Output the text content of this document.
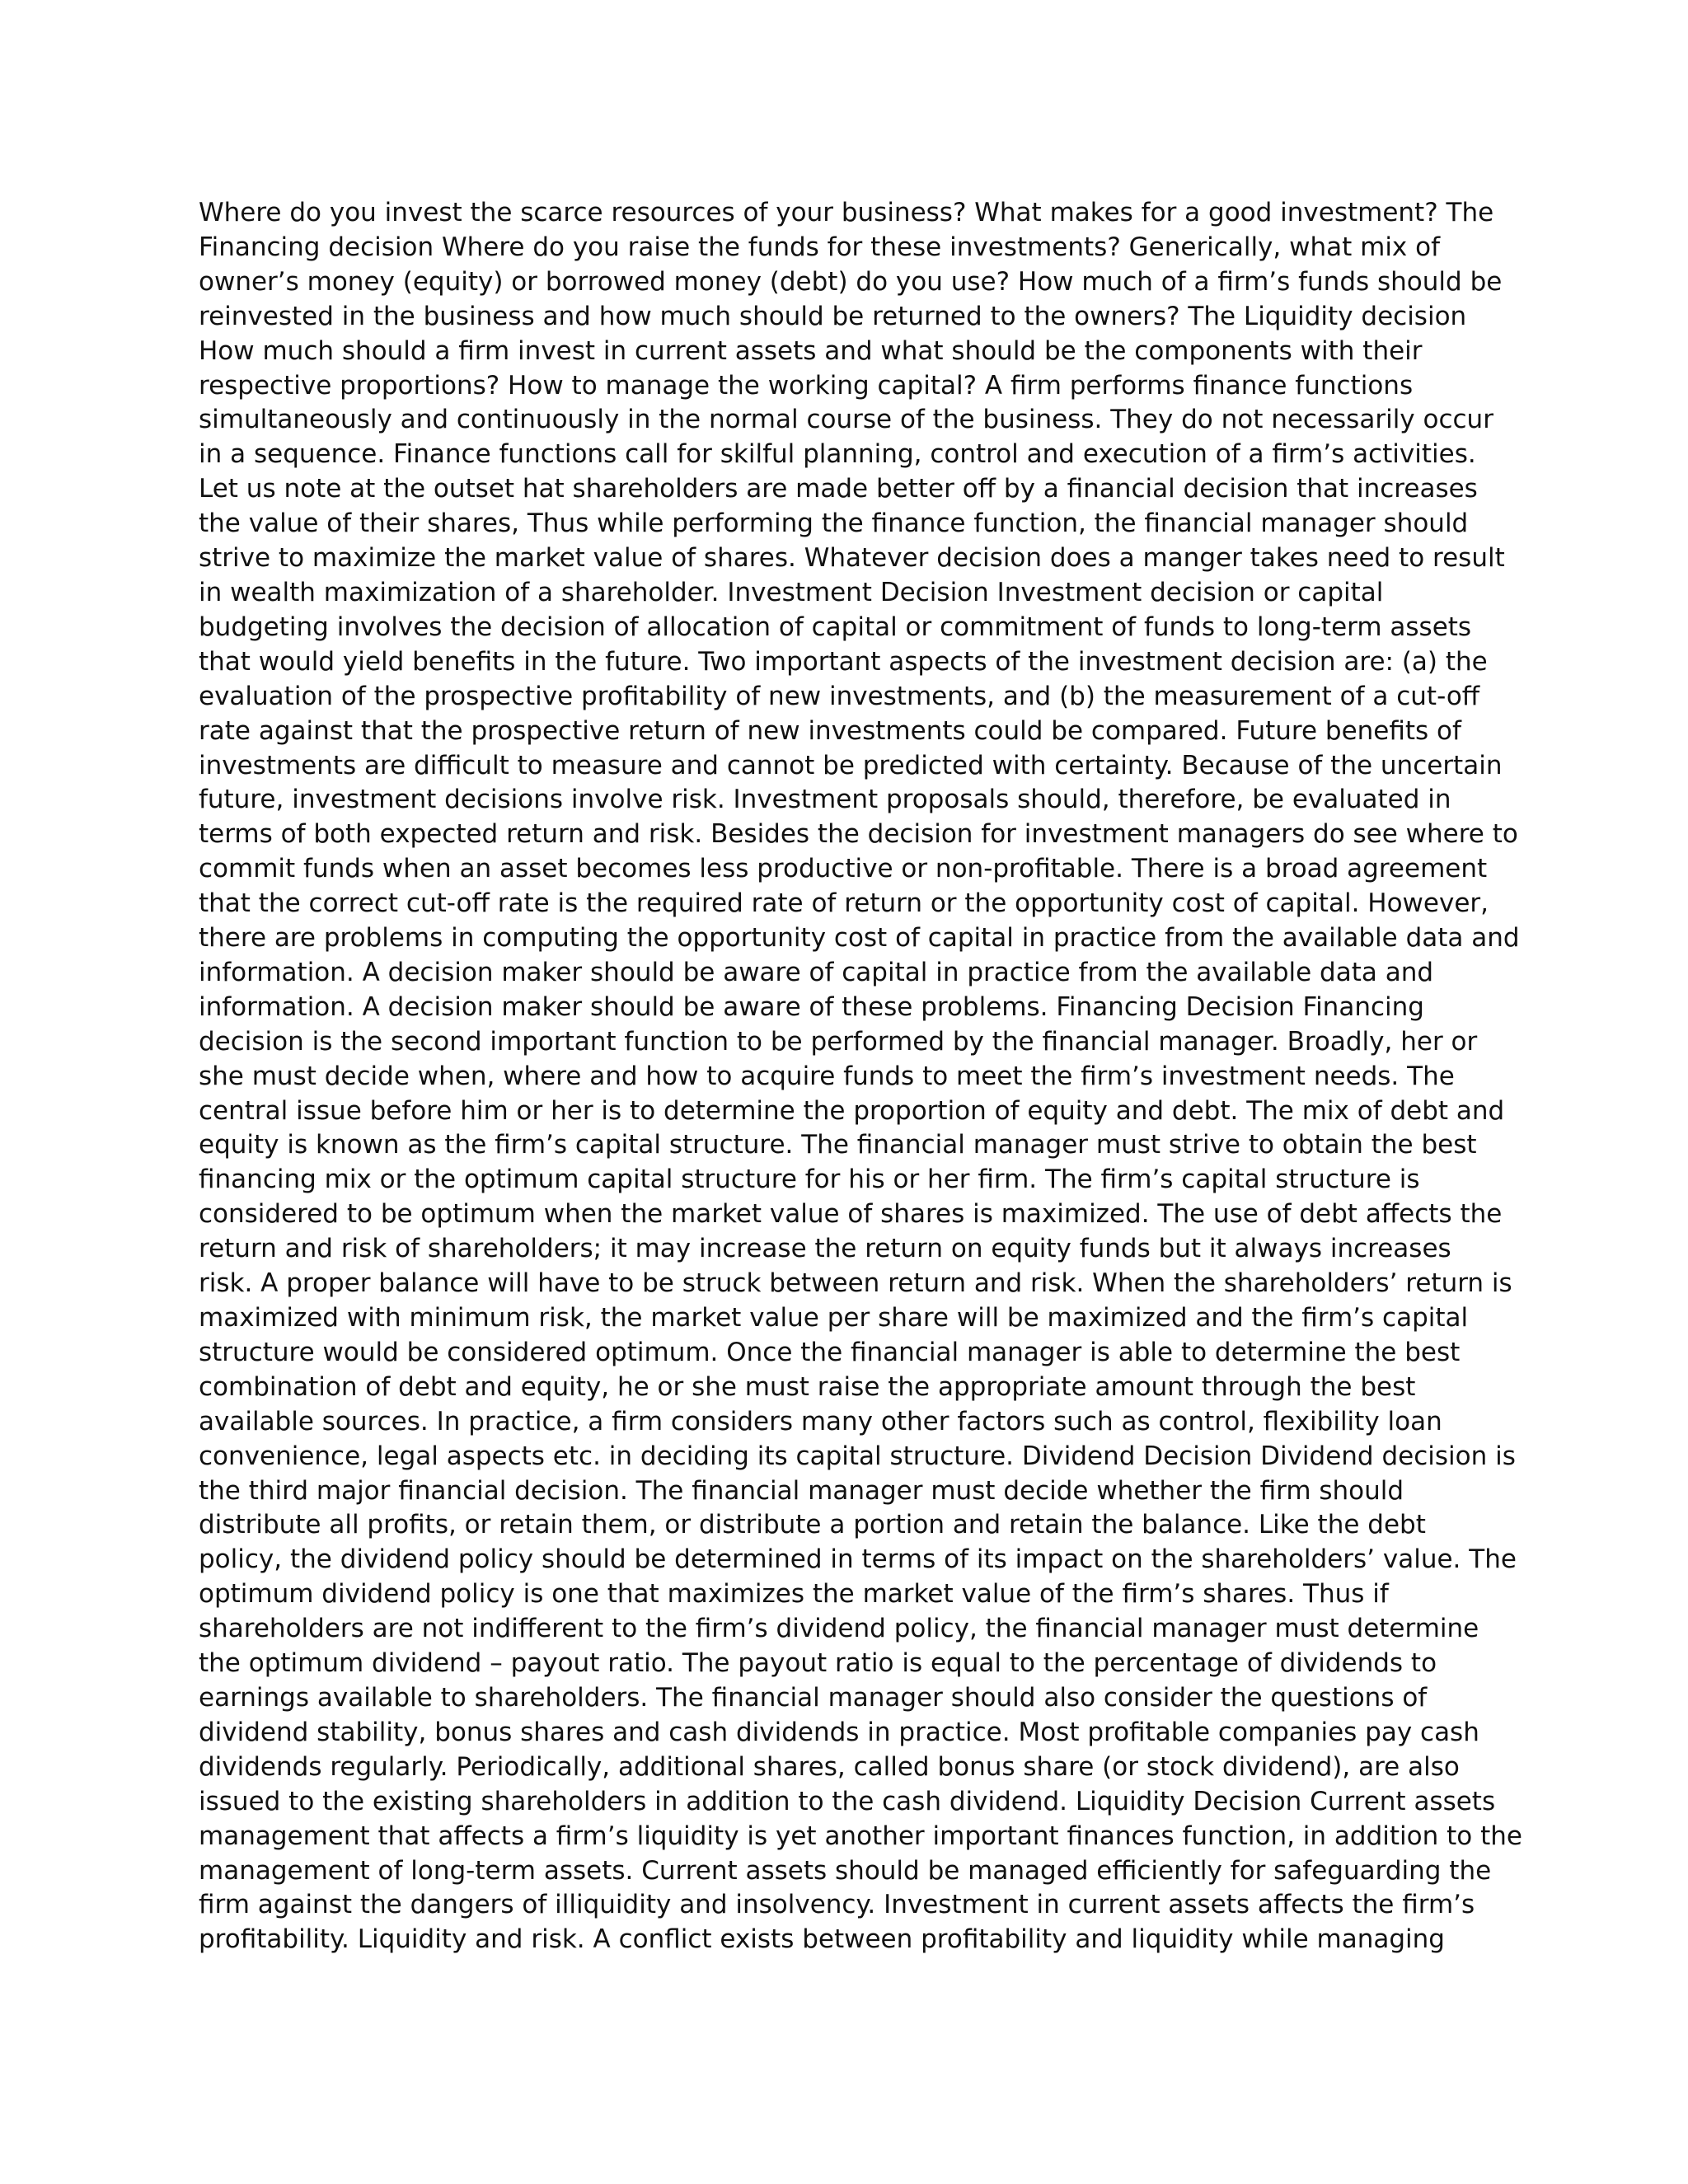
Where do you invest the scarce resources of your business? What makes for a good investment? The
Financing decision Where do you raise the funds for these investments? Generically, what mix of
owner’s money (equity) or borrowed money (debt) do you use? How much of a firm’s funds should be
reinvested in the business and how much should be returned to the owners? The Liquidity decision
How much should a firm invest in current assets and what should be the components with their
respective proportions? How to manage the working capital? A firm performs finance functions
simultaneously and continuously in the normal course of the business. They do not necessarily occur
in a sequence. Finance functions call for skilful planning, control and execution of a firm’s activities.
Let us note at the outset hat shareholders are made better off by a financial decision that increases
the value of their shares, Thus while performing the finance function, the financial manager should
strive to maximize the market value of shares. Whatever decision does a manger takes need to result
in wealth maximization of a shareholder. Investment Decision Investment decision or capital
budgeting involves the decision of allocation of capital or commitment of funds to long-term assets
that would yield benefits in the future. Two important aspects of the investment decision are: (a) the
evaluation of the prospective profitability of new investments, and (b) the measurement of a cut-off
rate against that the prospective return of new investments could be compared. Future benefits of
investments are difficult to measure and cannot be predicted with certainty. Because of the uncertain
future, investment decisions involve risk. Investment proposals should, therefore, be evaluated in
terms of both expected return and risk. Besides the decision for investment managers do see where to
commit funds when an asset becomes less productive or non-profitable. There is a broad agreement
that the correct cut-off rate is the required rate of return or the opportunity cost of capital. However,
there are problems in computing the opportunity cost of capital in practice from the available data and
information. A decision maker should be aware of capital in practice from the available data and
information. A decision maker should be aware of these problems. Financing Decision Financing
decision is the second important function to be performed by the financial manager. Broadly, her or
she must decide when, where and how to acquire funds to meet the firm’s investment needs. The
central issue before him or her is to determine the proportion of equity and debt. The mix of debt and
equity is known as the firm’s capital structure. The financial manager must strive to obtain the best
financing mix or the optimum capital structure for his or her firm. The firm’s capital structure is
considered to be optimum when the market value of shares is maximized. The use of debt affects the
return and risk of shareholders; it may increase the return on equity funds but it always increases
risk. A proper balance will have to be struck between return and risk. When the shareholders’ return is
maximized with minimum risk, the market value per share will be maximized and the firm’s capital
structure would be considered optimum. Once the financial manager is able to determine the best
combination of debt and equity, he or she must raise the appropriate amount through the best
available sources. In practice, a firm considers many other factors such as control, flexibility loan
convenience, legal aspects etc. in deciding its capital structure. Dividend Decision Dividend decision is
the third major financial decision. The financial manager must decide whether the firm should
distribute all profits, or retain them, or distribute a portion and retain the balance. Like the debt
policy, the dividend policy should be determined in terms of its impact on the shareholders’ value. The
optimum dividend policy is one that maximizes the market value of the firm’s shares. Thus if
shareholders are not indifferent to the firm’s dividend policy, the financial manager must determine
the optimum dividend – payout ratio. The payout ratio is equal to the percentage of dividends to
earnings available to shareholders. The financial manager should also consider the questions of
dividend stability, bonus shares and cash dividends in practice. Most profitable companies pay cash
dividends regularly. Periodically, additional shares, called bonus share (or stock dividend), are also
issued to the existing shareholders in addition to the cash dividend. Liquidity Decision Current assets
management that affects a firm’s liquidity is yet another important finances function, in addition to the
management of long-term assets. Current assets should be managed efficiently for safeguarding the
firm against the dangers of illiquidity and insolvency. Investment in current assets affects the firm’s
profitability. Liquidity and risk. A conflict exists between profitability and liquidity while managing
